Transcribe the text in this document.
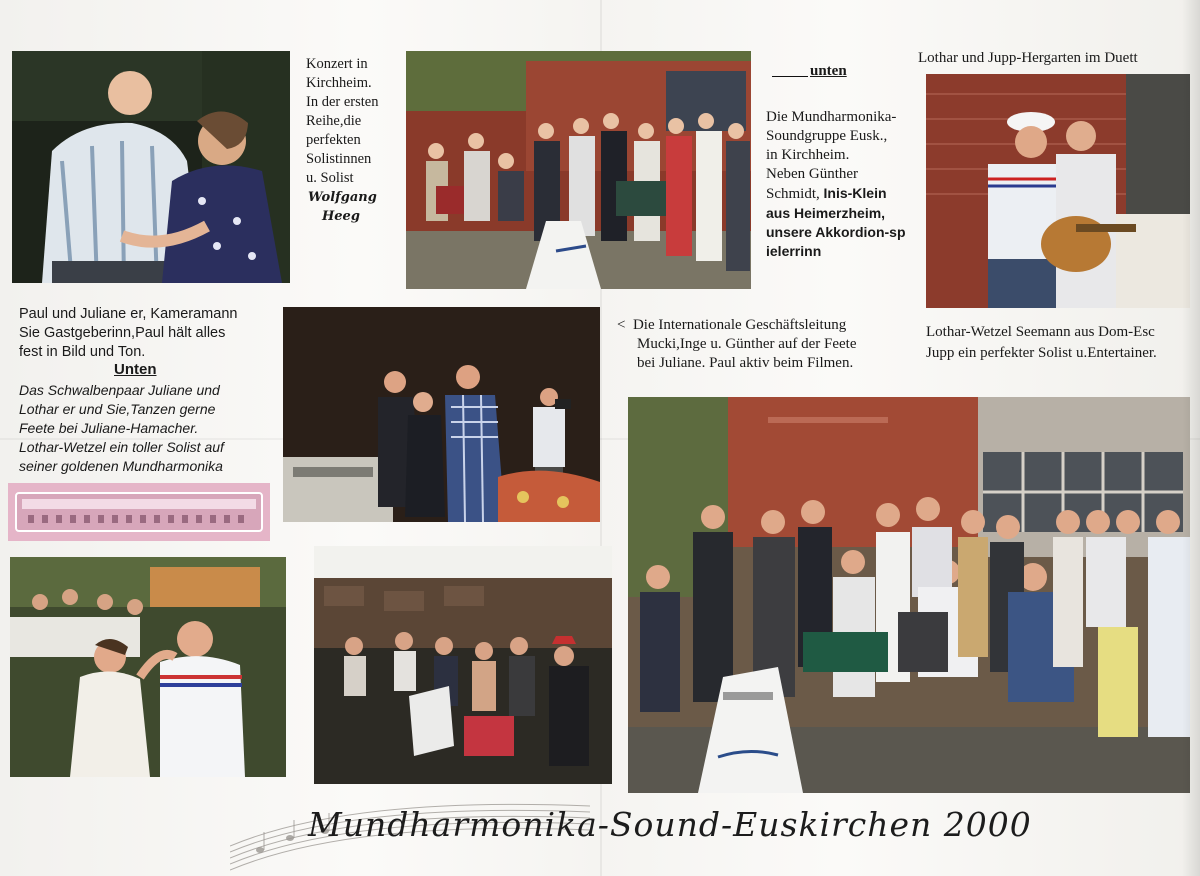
Konzert in
Kirchheim.
In der ersten
Reihe,die
perfekten
Solistinnen
u. Solist
Wolfgang
Heeg
unten
Die Mundharmonika-
Soundgruppe Eusk.,
in Kirchheim.
Neben Günther
Schmidt, Inis-Klein
aus Heimerzheim,
unsere Akkordion-sp
ielerrinn
Lothar und Jupp-Hergarten im Duett
Paul und Juliane er, Kameramann
Sie Gastgeberinn,Paul hält alles
fest in Bild und Ton.
Unten
Das Schwalbenpaar Juliane und
Lothar er und Sie,Tanzen gerne
Feete bei Juliane-Hamacher.
Lothar-Wetzel ein toller Solist auf
seiner goldenen Mundharmonika
< Die Internationale Geschäftsleitung
Mucki,Inge u. Günther auf der Feete
bei Juliane. Paul aktiv beim Filmen.
Lothar-Wetzel Seemann aus Dom-Esc
Jupp ein perfekter Solist u.Entertainer.
Mundharmonika-Sound-Euskirchen 2000
